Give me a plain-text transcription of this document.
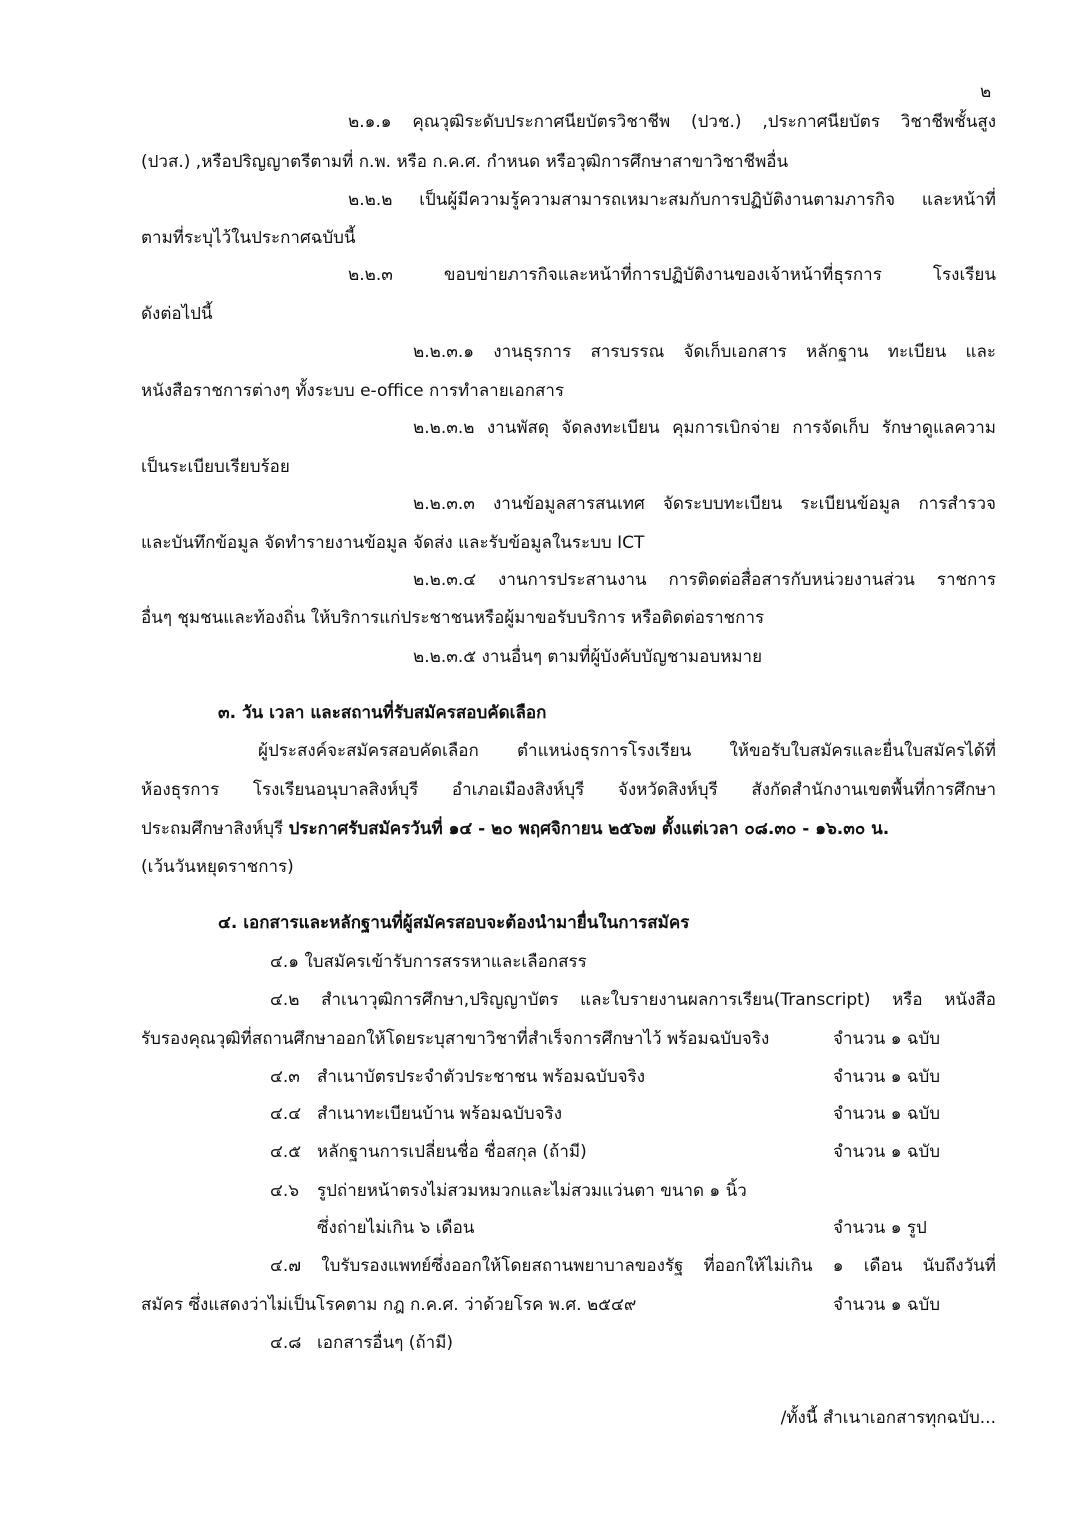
๒
๒.๑.๑ คุณวุฒิระดับประกาศนียบัตรวิชาชีพ (ปวช.) ,ประกาศนียบัตร วิชาชีพชั้นสูง
(ปวส.) ,หรือปริญญาตรีตามที่ ก.พ. หรือ ก.ค.ศ. กำหนด หรือวุฒิการศึกษาสาขาวิชาชีพอื่น
๒.๒.๒ เป็นผู้มีความรู้ความสามารถเหมาะสมกับการปฏิบัติงานตามภารกิจ และหน้าที่
ตามที่ระบุไว้ในประกาศฉบับนี้
๒.๒.๓ ขอบข่ายภารกิจและหน้าที่การปฏิบัติงานของเจ้าหน้าที่ธุรการ โรงเรียน
ดังต่อไปนี้
๒.๒.๓.๑ งานธุรการ สารบรรณ จัดเก็บเอกสาร หลักฐาน ทะเบียน และ
หนังสือราชการต่างๆ ทั้งระบบ e-office การทำลายเอกสาร
๒.๒.๓.๒ งานพัสดุ จัดลงทะเบียน คุมการเบิกจ่าย การจัดเก็บ รักษาดูแลความ
เป็นระเบียบเรียบร้อย
๒.๒.๓.๓ งานข้อมูลสารสนเทศ จัดระบบทะเบียน ระเบียนข้อมูล การสำรวจ
และบันทึกข้อมูล จัดทำรายงานข้อมูล จัดส่ง และรับข้อมูลในระบบ ICT
๒.๒.๓.๔ งานการประสานงาน การติดต่อสื่อสารกับหน่วยงานส่วน ราชการ
อื่นๆ ชุมชนและท้องถิ่น ให้บริการแก่ประชาชนหรือผู้มาขอรับบริการ หรือติดต่อราชการ
๒.๒.๓.๕ งานอื่นๆ ตามที่ผู้บังคับบัญชามอบหมาย
๓. วัน เวลา และสถานที่รับสมัครสอบคัดเลือก
ผู้ประสงค์จะสมัครสอบคัดเลือก ตำแหน่งธุรการโรงเรียน ให้ขอรับใบสมัครและยื่นใบสมัครได้ที่
ห้องธุรการ โรงเรียนอนุบาลสิงห์บุรี อำเภอเมืองสิงห์บุรี จังหวัดสิงห์บุรี สังกัดสำนักงานเขตพื้นที่การศึกษา
ประถมศึกษาสิงห์บุรี ประกาศรับสมัครวันที่ ๑๔ - ๒๐ พฤศจิกายน ๒๕๖๗ ตั้งแต่เวลา ๐๘.๓๐ - ๑๖.๓๐ น.
(เว้นวันหยุดราชการ)
๔. เอกสารและหลักฐานที่ผู้สมัครสอบจะต้องนำมายื่นในการสมัคร
๔.๑ ใบสมัครเข้ารับการสรรหาและเลือกสรร
๔.๒ สำเนาวุฒิการศึกษา,ปริญญาบัตร และใบรายงานผลการเรียน(Transcript) หรือ หนังสือ
รับรองคุณวุฒิที่สถานศึกษาออกให้โดยระบุสาขาวิชาที่สำเร็จการศึกษาไว้ พร้อมฉบับจริง	จำนวน ๑ ฉบับ
๔.๓ สำเนาบัตรประจำตัวประชาชน พร้อมฉบับจริง	จำนวน ๑ ฉบับ
๔.๔ สำเนาทะเบียนบ้าน พร้อมฉบับจริง	จำนวน ๑ ฉบับ
๔.๕ หลักฐานการเปลี่ยนชื่อ ชื่อสกุล (ถ้ามี)	จำนวน ๑ ฉบับ
๔.๖ รูปถ่ายหน้าตรงไม่สวมหมวกและไม่สวมแว่นตา ขนาด ๑ นิ้ว
ซึ่งถ่ายไม่เกิน ๖ เดือน	จำนวน ๑ รูป
๔.๗ ใบรับรองแพทย์ซึ่งออกให้โดยสถานพยาบาลของรัฐ ที่ออกให้ไม่เกิน ๑ เดือน นับถึงวันที่
สมัคร ซึ่งแสดงว่าไม่เป็นโรคตาม กฎ ก.ค.ศ. ว่าด้วยโรค พ.ศ. ๒๕๔๙	จำนวน ๑ ฉบับ
๔.๘ เอกสารอื่นๆ (ถ้ามี)
/ทั้งนี้ สำเนาเอกสารทุกฉบับ...
